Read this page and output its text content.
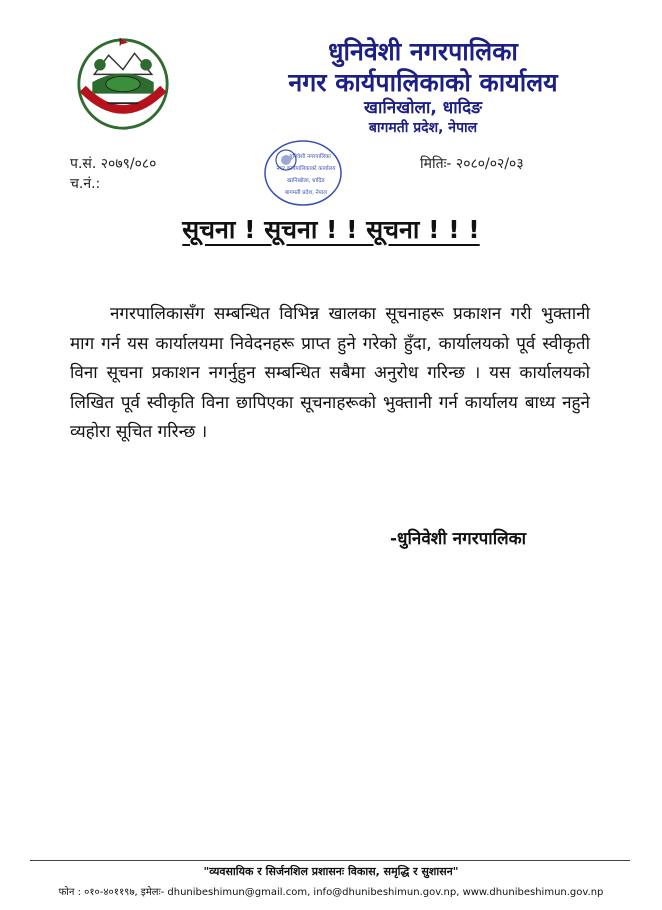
धुनिवेशी नगरपालिका
नगर कार्यपालिकाको कार्यालय
खानिखोला, धादिङ
बागमती प्रदेश, नेपाल
प.सं. २०७९/०८०
च.नं.:
मितिः- २०८०/०२/०३
धुनिवेशी नगरपालिका
नगर कार्यपालिकाको कार्यालय
खानिखोला, धादिङ
बागमती प्रदेश, नेपाल
सूचना ! सूचना ! ! सूचना ! ! !
नगरपालिकासँग सम्बन्धित विभिन्न खालका सूचनाहरू प्रकाशन गरी भुक्तानी माग गर्न यस कार्यालयमा निवेदनहरू प्राप्त हुने गरेको हुँदा, कार्यालयको पूर्व स्वीकृती विना सूचना प्रकाशन नगर्नुहुन सम्बन्धित सबैमा अनुरोध गरिन्छ । यस कार्यालयको लिखित पूर्व स्वीकृति विना छापिएका सूचनाहरूको भुक्तानी गर्न कार्यालय बाध्य नहुने व्यहोरा सूचित गरिन्छ ।
-धुनिवेशी नगरपालिका
"व्यवसायिक र सिर्जनशिल प्रशासनः विकास, समृद्धि र सुशासन"
फोन : ०१०-४०११९७, इमेलः- dhunibeshimun@gmail.com, info@dhunibeshimun.gov.np, www.dhunibeshimun.gov.np
